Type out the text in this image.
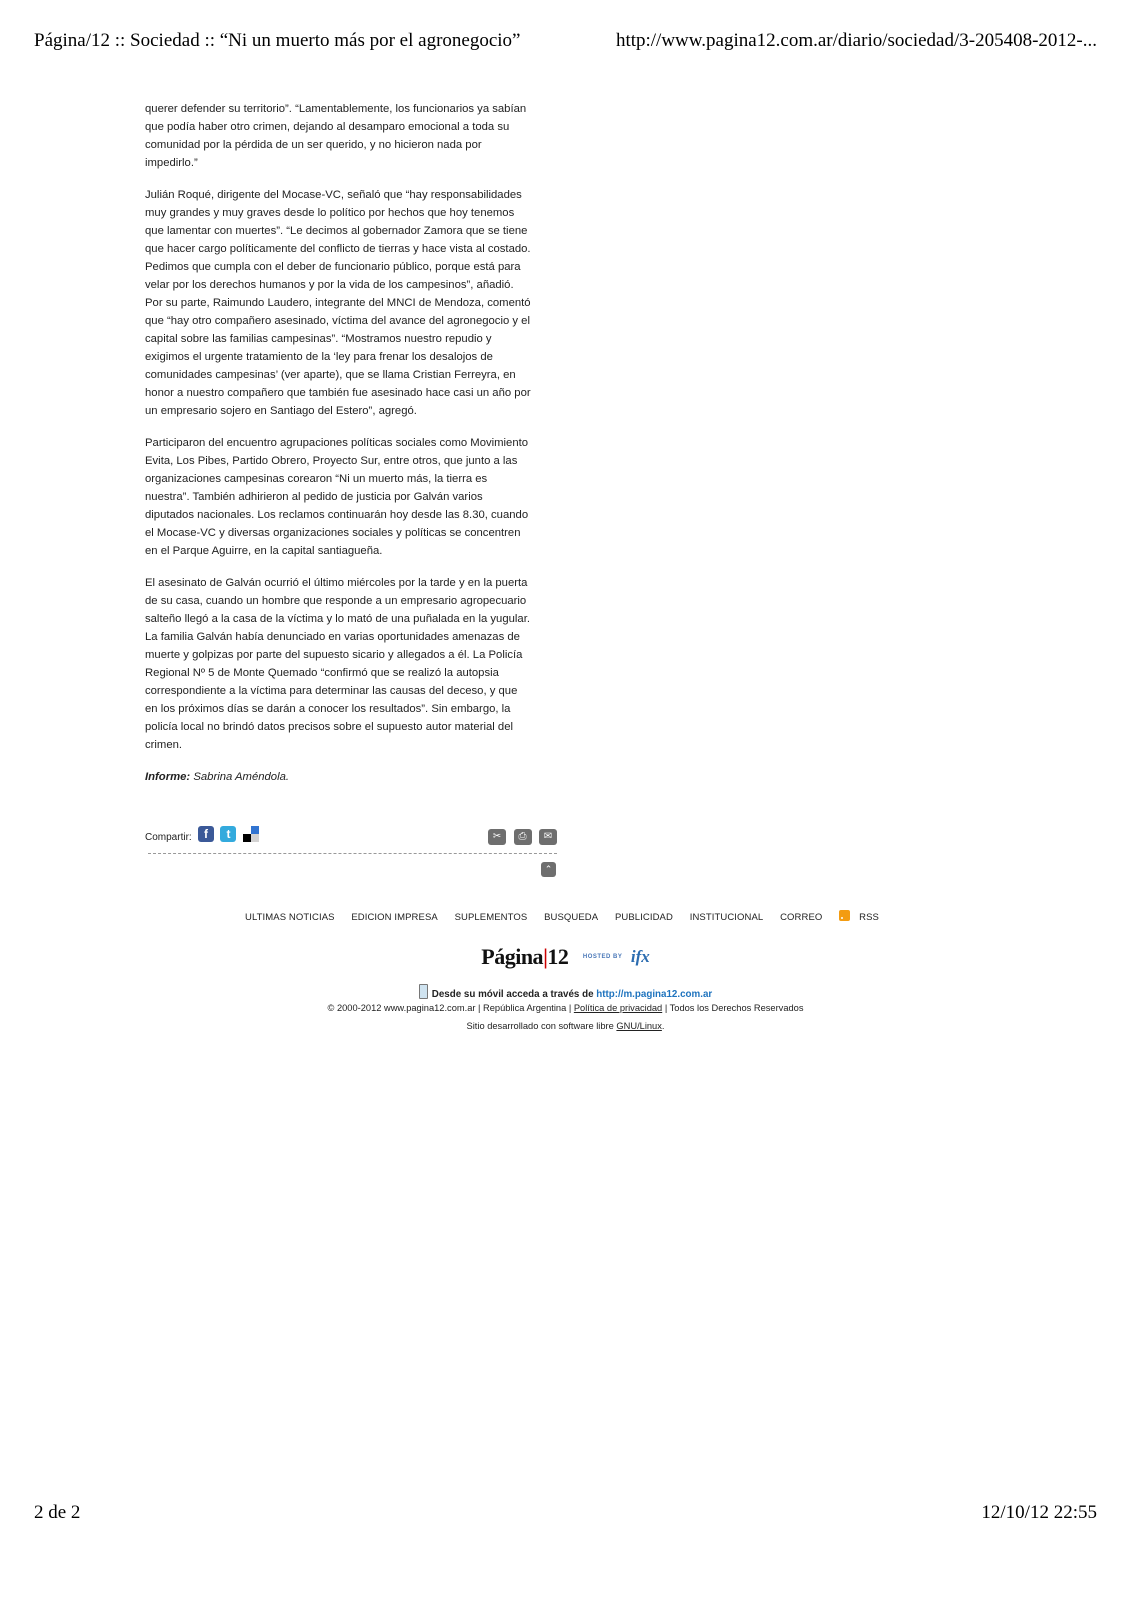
Página/12 :: Sociedad :: “Ni un muerto más por el agronegocio”	http://www.pagina12.com.ar/diario/sociedad/3-205408-2012-...

querer defender su territorio”. “Lamentablemente, los funcionarios ya sabían
que podía haber otro crimen, dejando al desamparo emocional a toda su
comunidad por la pérdida de un ser querido, y no hicieron nada por
impedirlo.”

Julián Roqué, dirigente del Mocase-VC, señaló que “hay responsabilidades
muy grandes y muy graves desde lo político por hechos que hoy tenemos
que lamentar con muertes”. “Le decimos al gobernador Zamora que se tiene
que hacer cargo políticamente del conflicto de tierras y hace vista al costado.
Pedimos que cumpla con el deber de funcionario público, porque está para
velar por los derechos humanos y por la vida de los campesinos”, añadió.
Por su parte, Raimundo Laudero, integrante del MNCI de Mendoza, comentó
que “hay otro compañero asesinado, víctima del avance del agronegocio y el
capital sobre las familias campesinas”. “Mostramos nuestro repudio y
exigimos el urgente tratamiento de la ‘ley para frenar los desalojos de
comunidades campesinas’ (ver aparte), que se llama Cristian Ferreyra, en
honor a nuestro compañero que también fue asesinado hace casi un año por
un empresario sojero en Santiago del Estero”, agregó.

Participaron del encuentro agrupaciones políticas sociales como Movimiento
Evita, Los Pibes, Partido Obrero, Proyecto Sur, entre otros, que junto a las
organizaciones campesinas corearon “Ni un muerto más, la tierra es
nuestra”. También adhirieron al pedido de justicia por Galván varios
diputados nacionales. Los reclamos continuarán hoy desde las 8.30, cuando
el Mocase-VC y diversas organizaciones sociales y políticas se concentren
en el Parque Aguirre, en la capital santiagueña.

El asesinato de Galván ocurrió el último miércoles por la tarde y en la puerta
de su casa, cuando un hombre que responde a un empresario agropecuario
salteño llegó a la casa de la víctima y lo mató de una puñalada en la yugular.
La familia Galván había denunciado en varias oportunidades amenazas de
muerte y golpizas por parte del supuesto sicario y allegados a él. La Policía
Regional Nº 5 de Monte Quemado “confirmó que se realizó la autopsia
correspondiente a la víctima para determinar las causas del deceso, y que
en los próximos días se darán a conocer los resultados”. Sin embargo, la
policía local no brindó datos precisos sobre el supuesto autor material del
crimen.

Informe: Sabrina Améndola.

Compartir:	f t	✂ ⎙ ✉
⌃
ULTIMAS NOTICIAS EDICION IMPRESA SUPLEMENTOS BUSQUEDA PUBLICIDAD INSTITUCIONAL CORREO	RSS
Página|12 HOSTED BY ifx
Desde su móvil acceda a través de http://m.pagina12.com.ar
© 2000-2012 www.pagina12.com.ar | República Argentina | Política de privacidad | Todos los Derechos Reservados
Sitio desarrollado con software libre GNU/Linux.
2 de 2	12/10/12 22:55
